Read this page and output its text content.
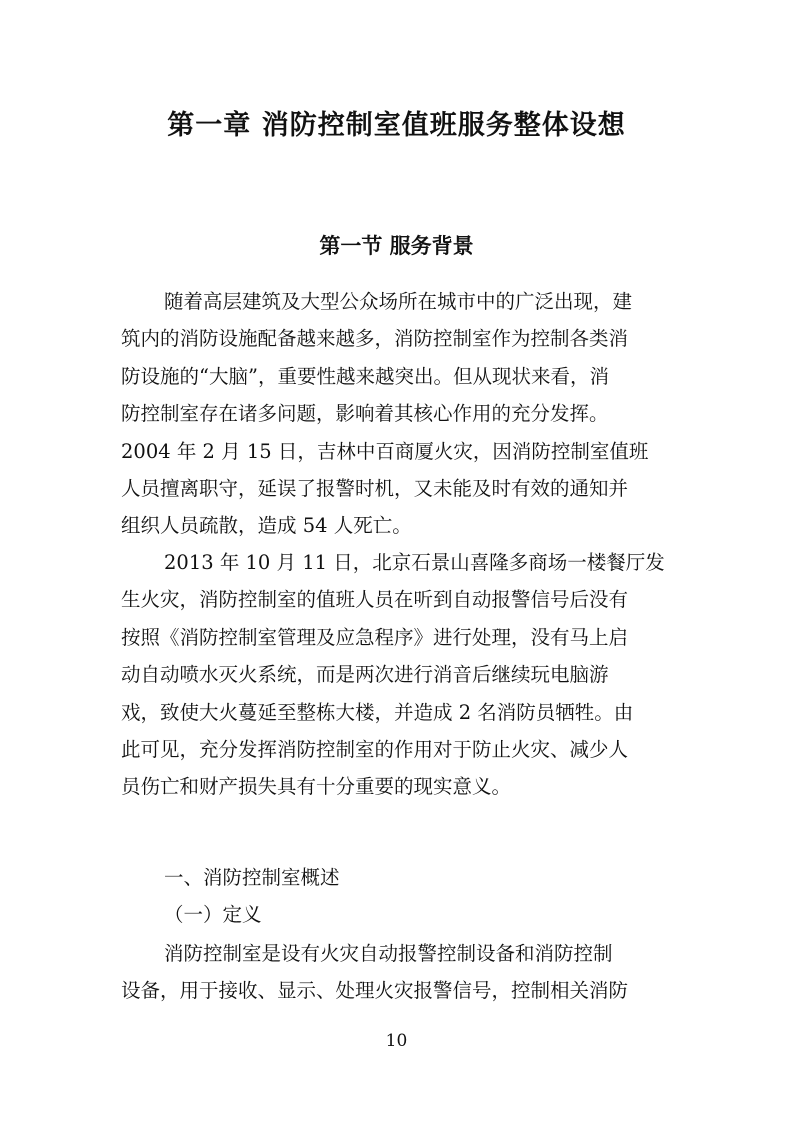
第一章 消防控制室值班服务整体设想
第一节 服务背景
随着高层建筑及大型公众场所在城市中的广泛出现，建
筑内的消防设施配备越来越多，消防控制室作为控制各类消
防设施的“大脑”，重要性越来越突出。但从现状来看，消
防控制室存在诸多问题，影响着其核心作用的充分发挥。
2004 年 2 月 15 日，吉林中百商厦火灾，因消防控制室值班
人员擅离职守，延误了报警时机，又未能及时有效的通知并
组织人员疏散，造成 54 人死亡。
2013 年 10 月 11 日，北京石景山喜隆多商场一楼餐厅发
生火灾，消防控制室的值班人员在听到自动报警信号后没有
按照《消防控制室管理及应急程序》进行处理，没有马上启
动自动喷水灭火系统，而是两次进行消音后继续玩电脑游
戏，致使大火蔓延至整栋大楼，并造成 2 名消防员牺牲。由
此可见，充分发挥消防控制室的作用对于防止火灾、减少人
员伤亡和财产损失具有十分重要的现实意义。

一、消防控制室概述

（一）定义

消防控制室是设有火灾自动报警控制设备和消防控制
设备，用于接收、显示、处理火灾报警信号，控制相关消防
10
